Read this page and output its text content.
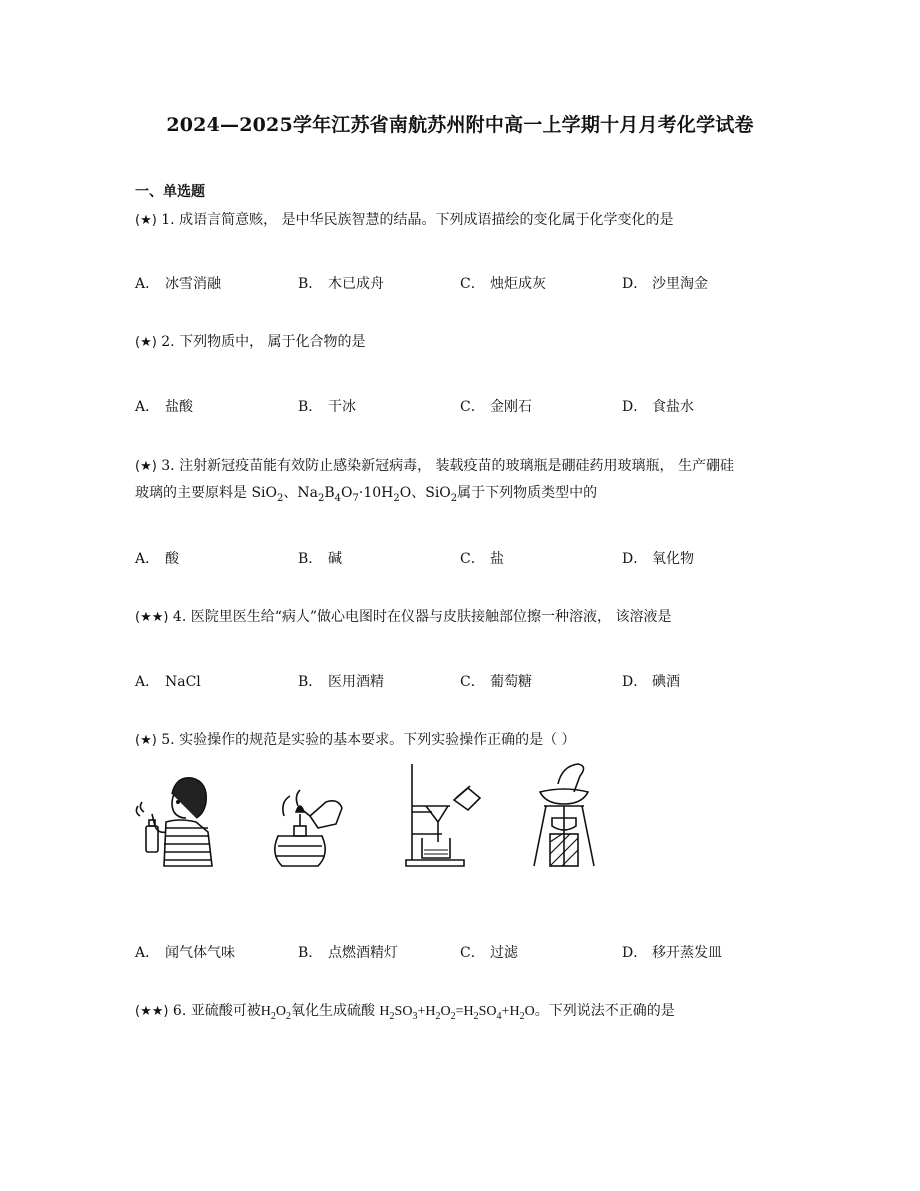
2024—2025学年江苏省南航苏州附中高一上学期十月月考化学试卷
一、单选题
(★) 1. 成语言简意赅， 是中华民族智慧的结晶。下列成语描绘的变化属于化学变化的是
A． 冰雪消融	B． 木已成舟	C． 烛炬成灰	D． 沙里淘金
(★) 2. 下列物质中， 属于化合物的是
A． 盐酸	B． 干冰	C． 金刚石	D． 食盐水
(★) 3. 注射新冠疫苗能有效防止感染新冠病毒， 装载疫苗的玻璃瓶是硼硅药用玻璃瓶， 生产硼硅
玻璃的主要原料是 SiO$_2$、$Na_2B_4O_7\cdot 10H_2O$、SiO$_2$属于下列物质类型中的
A． 酸	B． 碱	C． 盐	D． 氧化物
(★★) 4. 医院里医生给“病人”做心电图时在仪器与皮肤接触部位擦一种溶液， 该溶液是
A． NaCl	B． 医用酒精	C． 葡萄糖	D． 碘酒
(★) 5. 实验操作的规范是实验的基本要求。下列实验操作正确的是（ ）
A． 闻气体气味	B． 点燃酒精灯	C． 过滤	D． 移开蒸发皿
(★★) 6. 亚硫酸可被$H_2O_2$氧化生成硫酸 $H_2SO_3+H_2O_2=H_2SO_4+H_2O$。下列说法不正确的是
